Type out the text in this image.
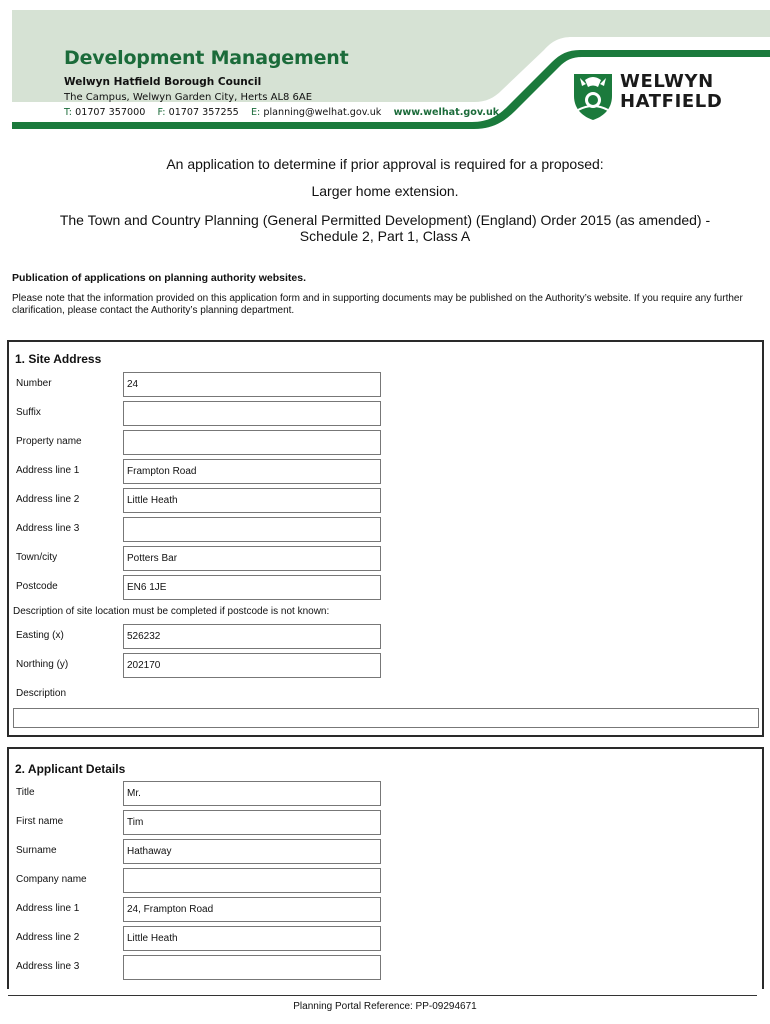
Development Management
Welwyn Hatfield Borough Council
The Campus, Welwyn Garden City, Herts AL8 6AE
T: 01707 357000 F: 01707 357255 E: planning@welhat.gov.uk www.welhat.gov.uk
WELWYN
HATFIELD
An application to determine if prior approval is required for a proposed:
Larger home extension.
The Town and Country Planning (General Permitted Development) (England) Order 2015 (as amended) -
Schedule 2, Part 1, Class A
Publication of applications on planning authority websites.
Please note that the information provided on this application form and in supporting documents may be published on the Authority’s website. If you require any further clarification, please contact the Authority’s planning department.
1. Site Address
Number	24
Suffix
Property name
Address line 1	Frampton Road
Address line 2	Little Heath
Address line 3
Town/city	Potters Bar
Postcode	EN6 1JE
Description of site location must be completed if postcode is not known:
Easting (x)	526232
Northing (y)	202170
Description
2. Applicant Details
Title	Mr.
First name	Tim
Surname	Hathaway
Company name
Address line 1	24, Frampton Road
Address line 2	Little Heath
Address line 3
Planning Portal Reference: PP-09294671
